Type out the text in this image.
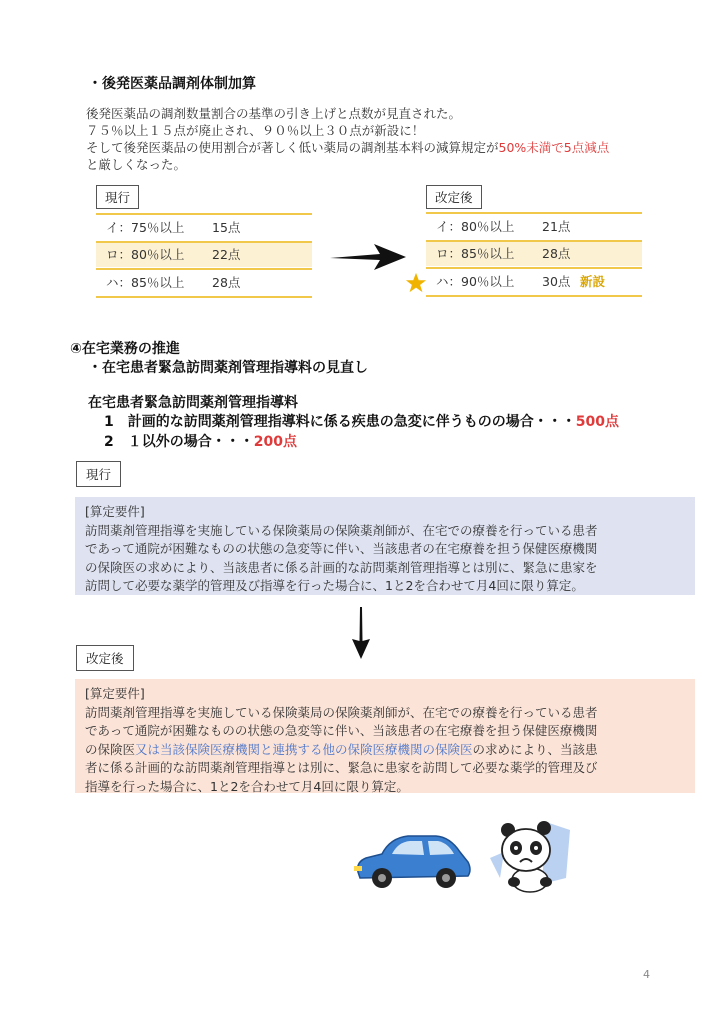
・後発医薬品調剤体制加算
後発医薬品の調剤数量割合の基準の引き上げと点数が見直された。
７５％以上１５点が廃止され、９０％以上３０点が新設に！
そして後発医薬品の使用割合が著しく低い薬局の調剤基本料の減算規定が50%未満で5点減点
と厳しくなった。
現行
イ：75％以上 15点
ロ：80％以上 22点
ハ：85％以上 28点
改定後
イ：80％以上 21点
ロ：85％以上 28点
ハ：90％以上 30点 新設
④在宅業務の推進
・在宅患者緊急訪問薬剤管理指導料の見直し
在宅患者緊急訪問薬剤管理指導料
1　計画的な訪問薬剤管理指導料に係る疾患の急変に伴うものの場合・・・500点
2　１以外の場合・・・200点
現行
[算定要件]
訪問薬剤管理指導を実施している保険薬局の保険薬剤師が、在宅での療養を行っている患者
であって通院が困難なものの状態の急変等に伴い、当該患者の在宅療養を担う保健医療機関
の保険医の求めにより、当該患者に係る計画的な訪問薬剤管理指導とは別に、緊急に患家を
訪問して必要な薬学的管理及び指導を行った場合に、1と2を合わせて月4回に限り算定。
改定後
[算定要件]
訪問薬剤管理指導を実施している保険薬局の保険薬剤師が、在宅での療養を行っている患者
であって通院が困難なものの状態の急変等に伴い、当該患者の在宅療養を担う保健医療機関
の保険医又は当該保険医療機関と連携する他の保険医療機関の保険医の求めにより、当該患
者に係る計画的な訪問薬剤管理指導とは別に、緊急に患家を訪問して必要な薬学的管理及び
指導を行った場合に、1と2を合わせて月4回に限り算定。
4
